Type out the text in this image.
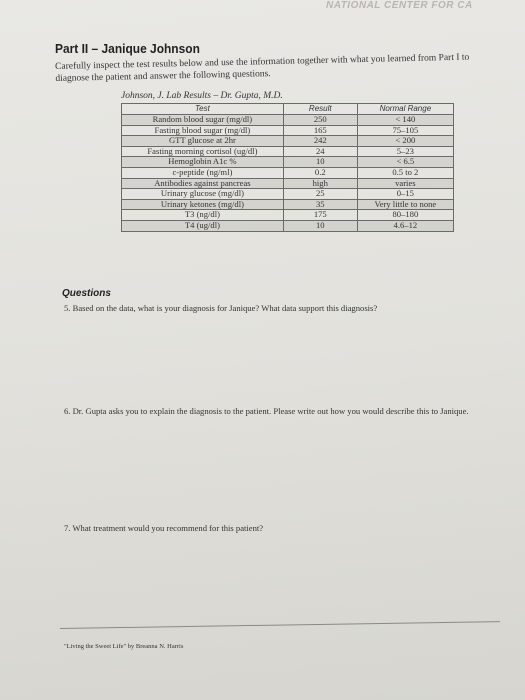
NATIONAL CENTER FOR CA
Part II – Janique Johnson
Carefully inspect the test results below and use the information together with what you learned from Part I to diagnose the patient and answer the following questions.
Johnson, J. Lab Results – Dr. Gupta, M.D.
Test	Result	Normal Range
Random blood sugar (mg/dl)	250	< 140
Fasting blood sugar (mg/dl)	165	75–105
GTT glucose at 2hr	242	< 200
Fasting morning cortisol (ug/dl)	24	5–23
Hemoglobin A1c %	10	< 6.5
c-peptide (ng/ml)	0.2	0.5 to 2
Antibodies against pancreas	high	varies
Urinary glucose (mg/dl)	25	0–15
Urinary ketones (mg/dl)	35	Very little to none
T3 (ng/dl)	175	80–180
T4 (ug/dl)	10	4.6–12
Questions
5. Based on the data, what is your diagnosis for Janique? What data support this diagnosis?
6. Dr. Gupta asks you to explain the diagnosis to the patient. Please write out how you would describe this to Janique.
7. What treatment would you recommend for this patient?
"Living the Sweet Life" by Breanna N. Harris
